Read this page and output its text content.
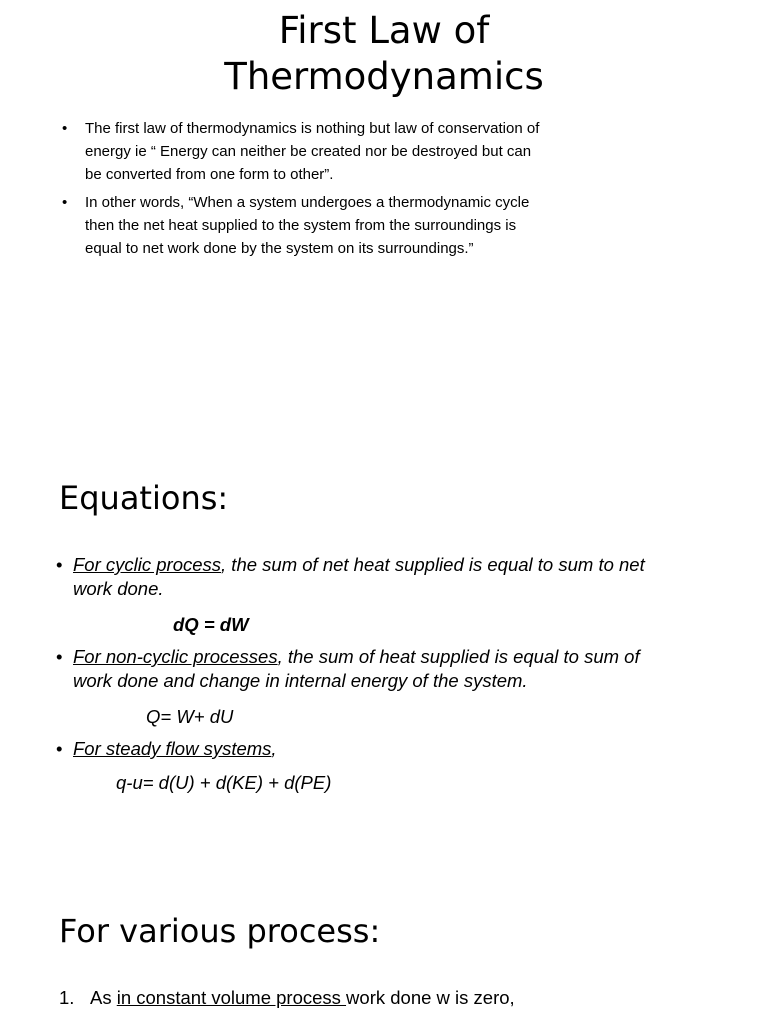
First Law of
Thermodynamics
• The first law of thermodynamics is nothing but law of conservation of
energy ie “ Energy can neither be created nor be destroyed but can
be converted from one form to other”.
• In other words, “When a system undergoes a thermodynamic cycle
then the net heat supplied to the system from the surroundings is
equal to net work done by the system on its surroundings.”
Equations:
• For cyclic process, the sum of net heat supplied is equal to sum to net
work done.
• For non-cyclic processes, the sum of heat supplied is equal to sum of
work done and change in internal energy of the system.
• For steady flow systems,
dQ = dW
Q= W+ dU
q-u= d(U) + d(KE) + d(PE)
For various process:
1. As in constant volume process work done w is zero,
